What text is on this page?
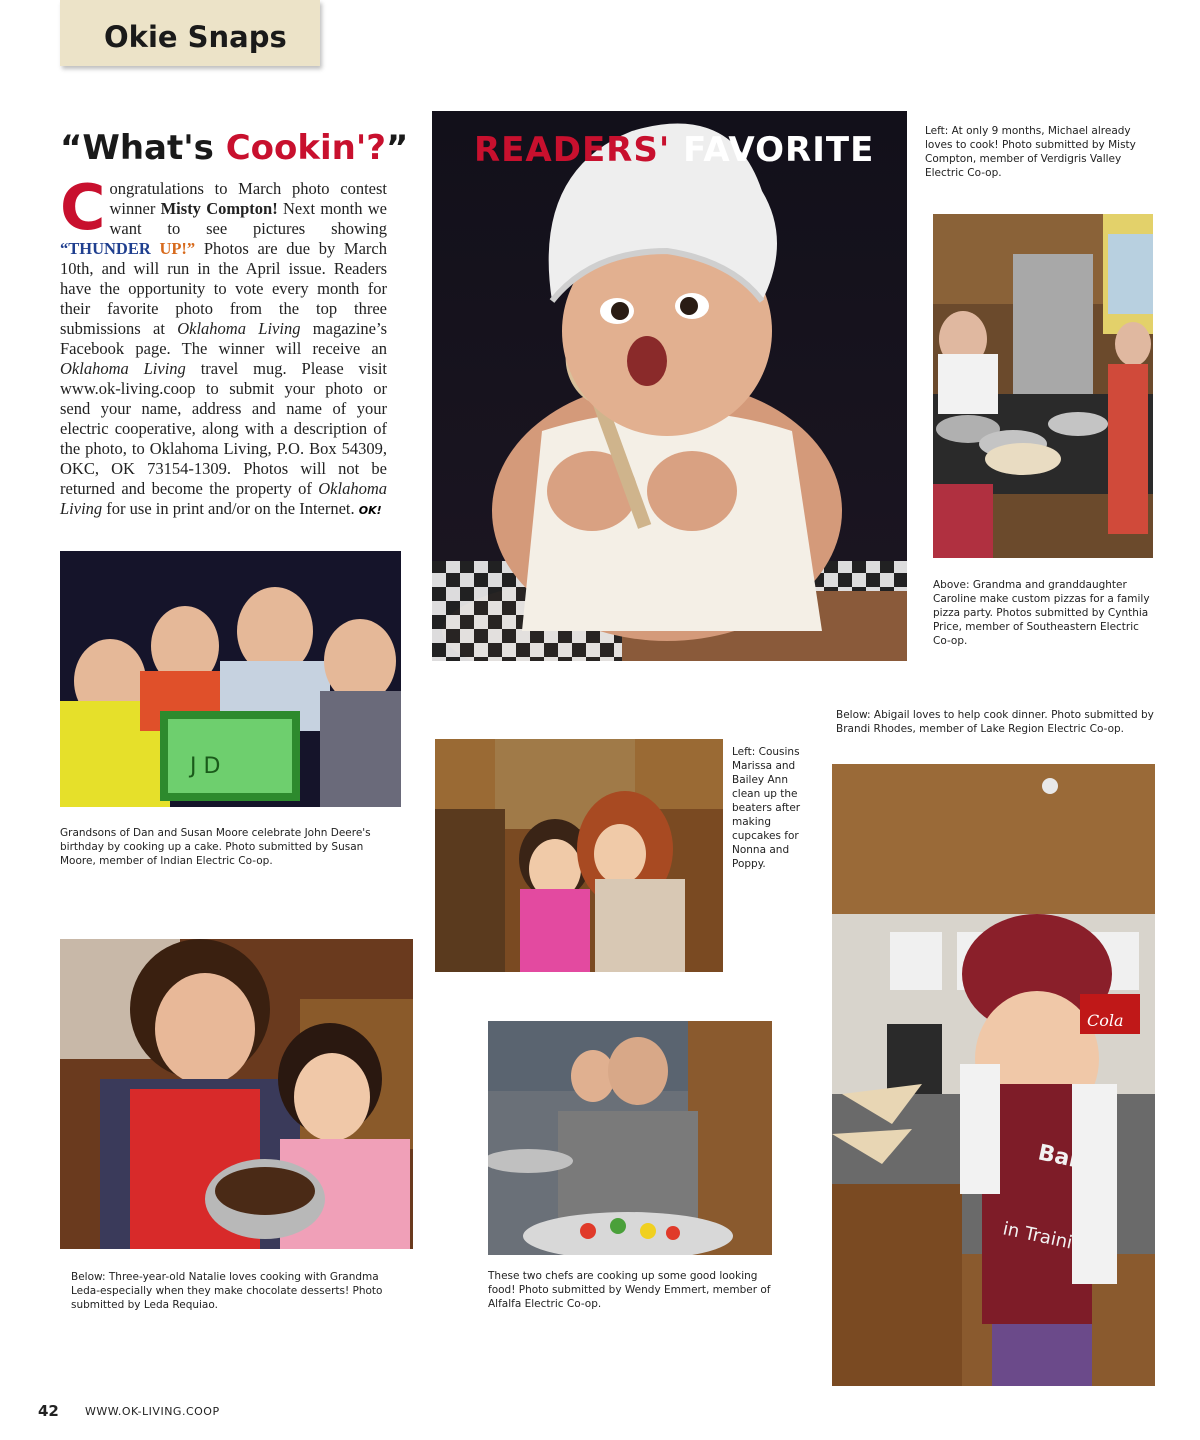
Okie Snaps
“What's Cookin'?”
Congratulations to March photo contest winner Misty Compton! Next month we want to see pictures showing “THUNDER UP!” Photos are due by March 10th, and will run in the April issue. Readers have the opportunity to vote every month for their favorite photo from the top three submissions at Oklahoma Living magazine’s Facebook page. The winner will receive an Oklahoma Living travel mug. Please visit www.ok-living.coop to submit your photo or send your name, address and name of your electric cooperative, along with a description of the photo, to Oklahoma Living, P.O. Box 54309, OKC, OK 73154-1309. Photos will not be returned and become the property of Oklahoma Living for use in print and/or on the Internet. OK!
READERS' FAVORITE	Left: At only 9 months, Michael already loves to cook! Photo submitted by Misty Compton, member of Verdigris Valley Electric Co-op.
Above: Grandma and granddaughter Caroline make custom pizzas for a family pizza party. Photos submitted by Cynthia Price, member of Southeastern Electric Co-op.
Below: Abigail loves to help cook dinner. Photo submitted by Brandi Rhodes, member of Lake Region Electric Co-op.
Baker
in Training
Cola
J D
Grandsons of Dan and Susan Moore celebrate John Deere's birthday by cooking up a cake. Photo submitted by Susan Moore, member of Indian Electric Co-op.
Left: Cousins Marissa and Bailey Ann clean up the beaters after making cupcakes for Nonna and Poppy.
Below: Three-year-old Natalie loves cooking with Grandma Leda-especially when they make chocolate desserts! Photo submitted by Leda Requiao.
These two chefs are cooking up some good looking food! Photo submitted by Wendy Emmert, member of Alfalfa Electric Co-op.
42 WWW.OK-LIVING.COOP
